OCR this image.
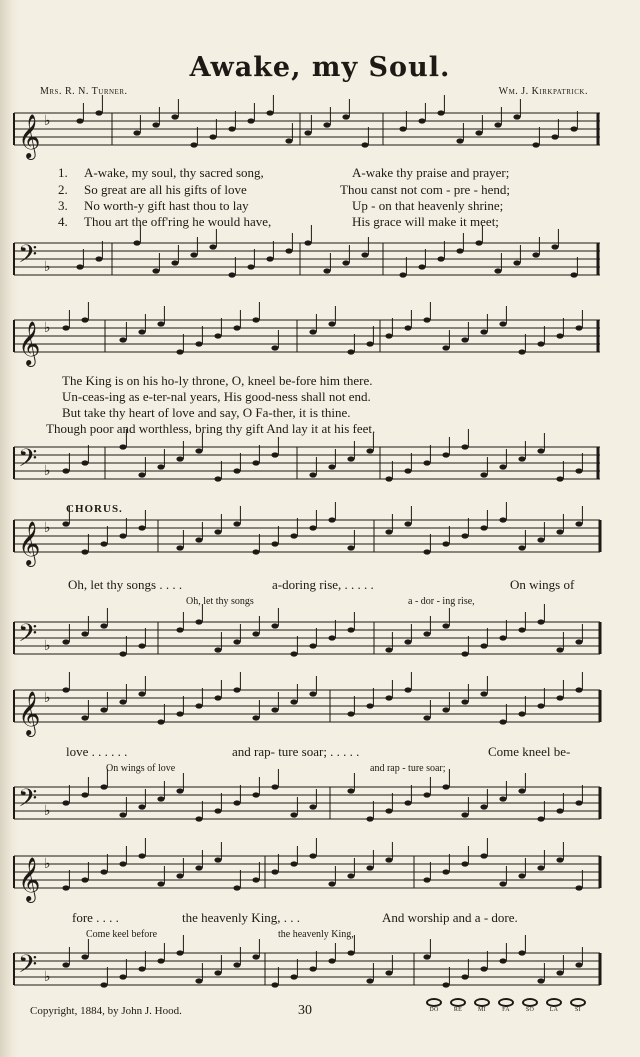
Awake, my Soul.
Mrs. R. N. Turner.	Wm. J. Kirkpatrick.
𝄞 ♭
𝄢 ♭
𝄞 ♭
𝄢 ♭
𝄞 ♭
𝄢 ♭
𝄞 ♭
𝄢 ♭
𝄞 ♭
𝄢 ♭
1. A-wake, my soul, thy sacred song,	A-wake thy praise and prayer;
2. So great are all his gifts of love	Thou canst not com - pre - hend;
3. No worth-y gift hast thou to lay	Up - on that heavenly shrine;
4. Thou art the off'ring he would have,	His grace will make it meet;
The King is on his ho-ly throne, O, kneel be-fore him there.
Un-ceas-ing as e-ter-nal years, His good-ness shall not end.
But take thy heart of love and say, O Fa-ther, it is thine.
Though poor and worthless, bring thy gift And lay it at his feet.
CHORUS.
Oh, let thy songs . . . .	a-doring rise, . . . . .	On wings of
Oh, let thy songs	a - dor - ing rise,
love . . . . . .	and rap- ture soar; . . . . .	Come kneel be-
On wings of love	and rap - ture soar;
fore . . . .	the heavenly King, . . .	And worship and a - dore.
Come keel before	the heavenly King,
Copyright, 1884, by John J. Hood.	30	DO	RE	MI	FA	SO	LA	SI
